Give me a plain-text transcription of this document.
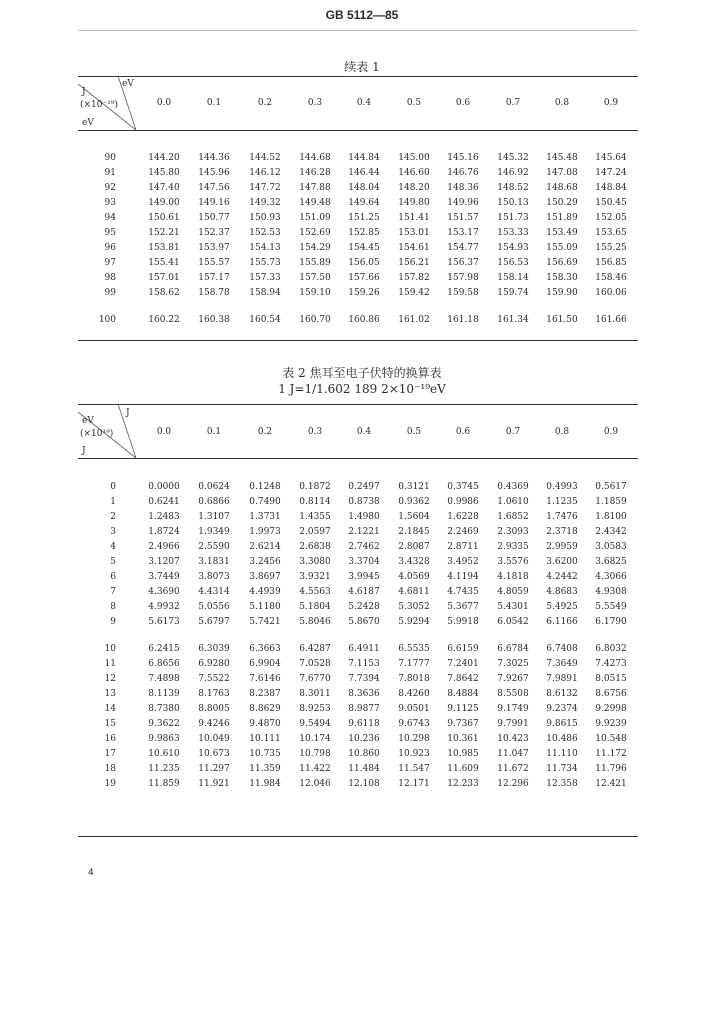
GB 5112—85
续表 1
eV
J
(×10⁻¹⁹)
eV
0.0	0.1	0.2	0.3	0.4	0.5	0.6	0.7	0.8	0.9
90	144.20	144.36	144.52	144.68	144.84	145.00	145.16	145.32	145.48	145.64
91	145.80	145.96	146.12	146.28	146.44	146.60	146.76	146.92	147.08	147.24
92	147.40	147.56	147.72	147.88	148.04	148.20	148.36	148.52	148.68	148.84
93	149.00	149.16	149.32	149.48	149.64	149.80	149.96	150.13	150.29	150.45
94	150.61	150.77	150.93	151.09	151.25	151.41	151.57	151.73	151.89	152.05
95	152.21	152.37	152.53	152.69	152.85	153.01	153.17	153.33	153.49	153.65
96	153.81	153.97	154.13	154.29	154.45	154.61	154.77	154.93	155.09	155.25
97	155.41	155.57	155.73	155.89	156.05	156.21	156.37	156.53	156.69	156.85
98	157.01	157.17	157.33	157.50	157.66	157.82	157.98	158.14	158.30	158.46
99	158.62	158.78	158.94	159.10	159.26	159.42	159.58	159.74	159.90	160.06
100	160.22	160.38	160.54	160.70	160.86	161.02	161.18	161.34	161.50	161.66
表 2 焦耳至电子伏特的换算表
1 J=1/1.602 189 2×10⁻¹⁹eV
J
eV
(×10¹⁹)
J
0.0	0.1	0.2	0.3	0.4	0.5	0.6	0.7	0.8	0.9
0	0.0000	0.0624	0.1248	0.1872	0.2497	0.3121	0.3745	0.4369	0.4993	0.5617
1	0.6241	0.6866	0.7490	0.8114	0.8738	0.9362	0.9986	1.0610	1.1235	1.1859
2	1.2483	1.3107	1.3731	1.4355	1.4980	1.5604	1.6228	1.6852	1.7476	1.8100
3	1.8724	1.9349	1.9973	2.0597	2.1221	2.1845	2.2469	2.3093	2.3718	2.4342
4	2.4966	2.5590	2.6214	2.6838	2.7462	2.8087	2.8711	2.9335	2.9959	3.0583
5	3.1207	3.1831	3.2456	3.3080	3.3704	3.4328	3.4952	3.5576	3.6200	3.6825
6	3.7449	3.8073	3.8697	3.9321	3.9945	4.0569	4.1194	4.1818	4.2442	4.3066
7	4.3690	4.4314	4.4939	4.5563	4.6187	4.6811	4.7435	4.8059	4.8683	4.9308
8	4.9932	5.0556	5.1180	5.1804	5.2428	5.3052	5.3677	5.4301	5.4925	5.5549
9	5.6173	5.6797	5.7421	5.8046	5.8670	5.9294	5.9918	6.0542	6.1166	6.1790
10	6.2415	6.3039	6.3663	6.4287	6.4911	6.5535	6.6159	6.6784	6.7408	6.8032
11	6.8656	6.9280	6.9904	7.0528	7.1153	7.1777	7.2401	7.3025	7.3649	7.4273
12	7.4898	7.5522	7.6146	7.6770	7.7394	7.8018	7.8642	7.9267	7.9891	8.0515
13	8.1139	8.1763	8.2387	8.3011	8.3636	8.4260	8.4884	8.5508	8.6132	8.6756
14	8.7380	8.8005	8.8629	8.9253	8.9877	9.0501	9.1125	9.1749	9.2374	9.2998
15	9.3622	9.4246	9.4870	9.5494	9.6118	9.6743	9.7367	9.7991	9.8615	9.9239
16	9.9863	10.049	10.111	10.174	10.236	10.298	10.361	10.423	10.486	10.548
17	10.610	10.673	10.735	10.798	10.860	10.923	10.985	11.047	11.110	11.172
18	11.235	11.297	11.359	11.422	11.484	11.547	11.609	11.672	11.734	11.796
19	11.859	11.921	11.984	12.046	12.108	12.171	12.233	12.296	12.358	12.421
4
